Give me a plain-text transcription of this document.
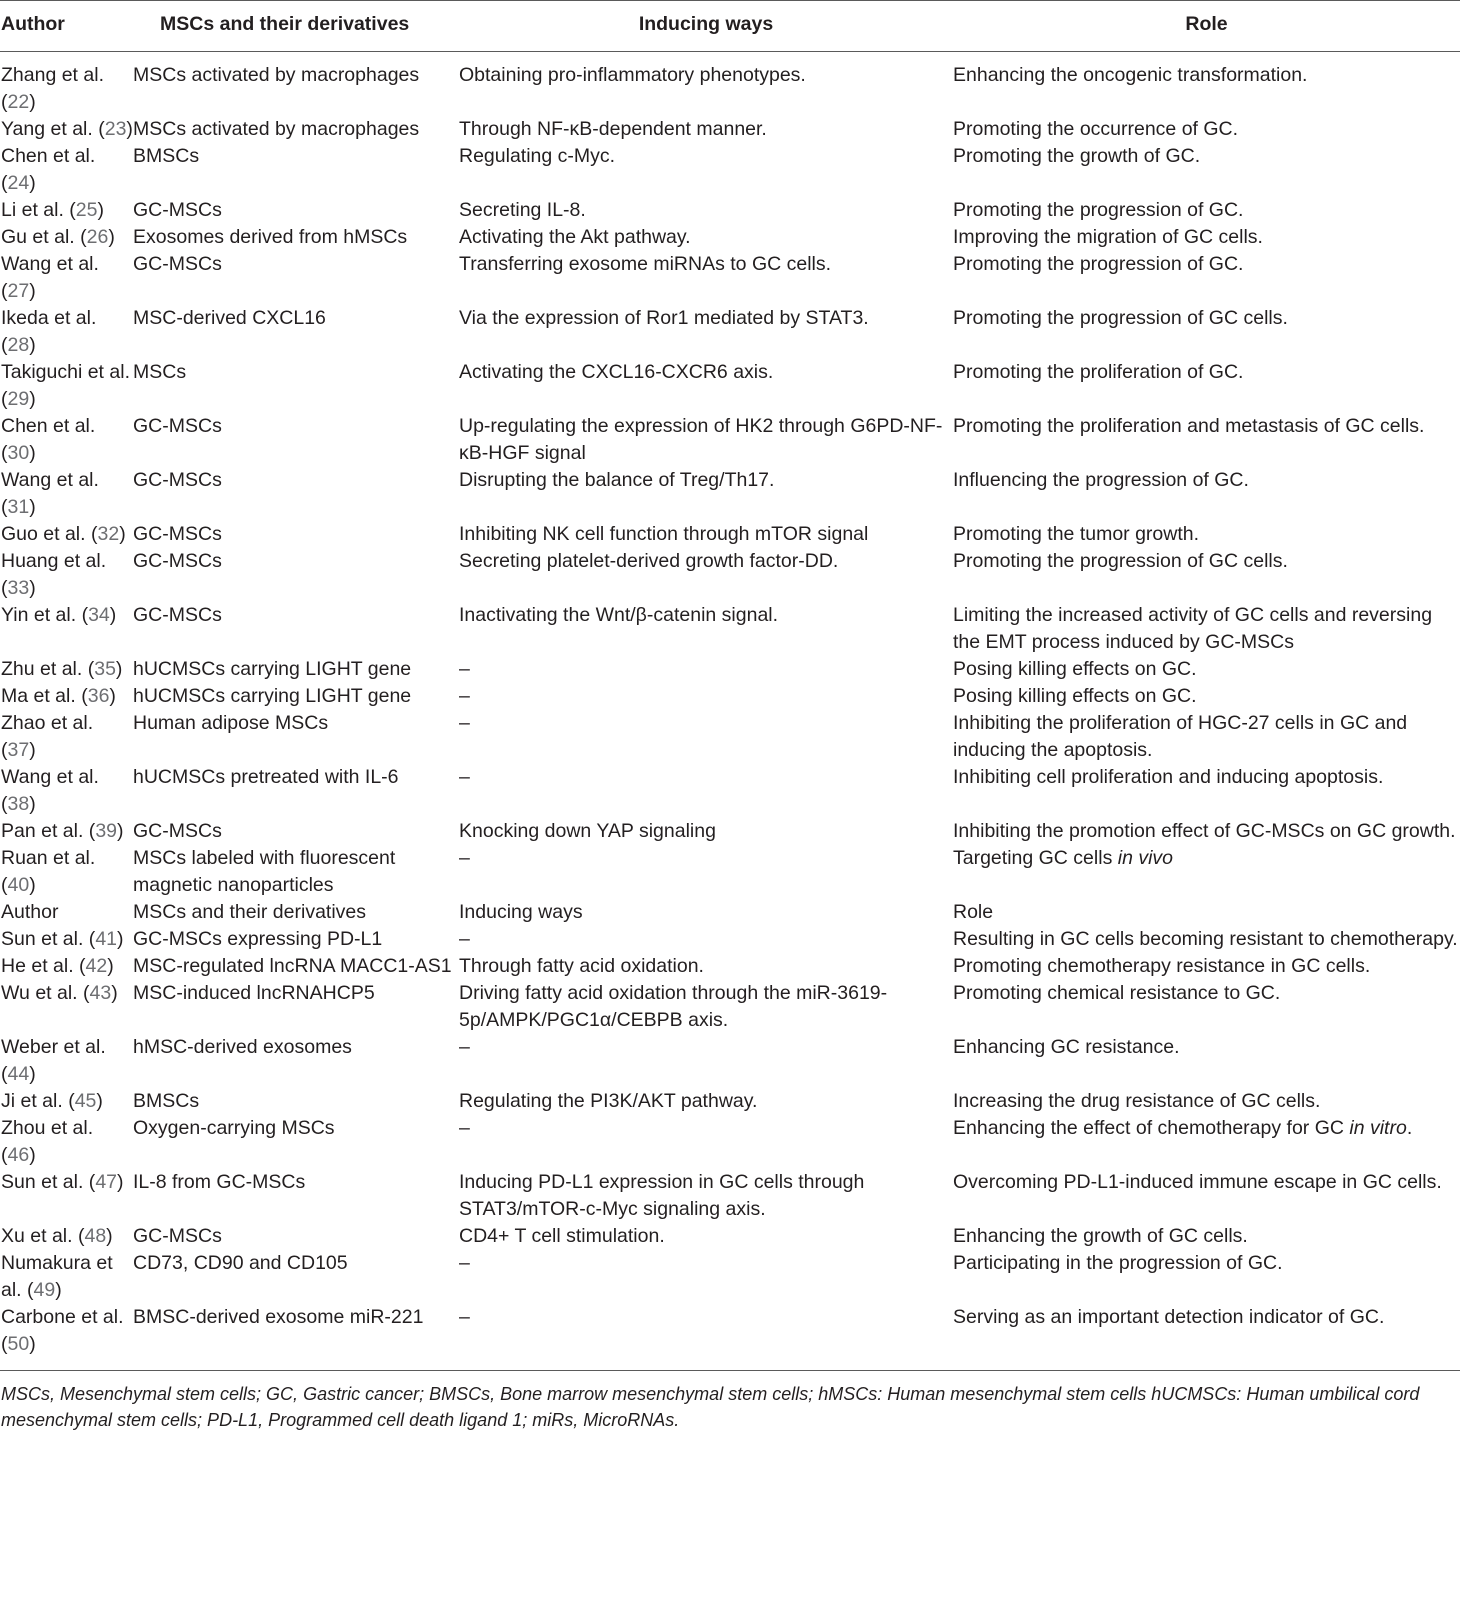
Author	MSCs and their derivatives	Inducing ways	Role
Zhang et al. (22)	MSCs activated by macrophages	Obtaining pro-inflammatory phenotypes.	Enhancing the oncogenic transformation.
Yang et al. (23)	MSCs activated by macrophages	Through NF-κB-dependent manner.	Promoting the occurrence of GC.
Chen et al. (24)	BMSCs	Regulating c-Myc.	Promoting the growth of GC.
Li et al. (25)	GC-MSCs	Secreting IL-8.	Promoting the progression of GC.
Gu et al. (26)	Exosomes derived from hMSCs	Activating the Akt pathway.	Improving the migration of GC cells.
Wang et al. (27)	GC-MSCs	Transferring exosome miRNAs to GC cells.	Promoting the progression of GC.
Ikeda et al. (28)	MSC-derived CXCL16	Via the expression of Ror1 mediated by STAT3.	Promoting the progression of GC cells.
Takiguchi et al. (29)	MSCs	Activating the CXCL16-CXCR6 axis.	Promoting the proliferation of GC.
Chen et al. (30)	GC-MSCs	Up-regulating the expression of HK2 through G6PD-NF-κB-HGF signal	Promoting the proliferation and metastasis of GC cells.
Wang et al. (31)	GC-MSCs	Disrupting the balance of Treg/Th17.	Influencing the progression of GC.
Guo et al. (32)	GC-MSCs	Inhibiting NK cell function through mTOR signal	Promoting the tumor growth.
Huang et al. (33)	GC-MSCs	Secreting platelet-derived growth factor-DD.	Promoting the progression of GC cells.
Yin et al. (34)	GC-MSCs	Inactivating the Wnt/β-catenin signal.	Limiting the increased activity of GC cells and reversing the EMT process induced by GC-MSCs
Zhu et al. (35)	hUCMSCs carrying LIGHT gene	–	Posing killing effects on GC.
Ma et al. (36)	hUCMSCs carrying LIGHT gene	–	Posing killing effects on GC.
Zhao et al. (37)	Human adipose MSCs	–	Inhibiting the proliferation of HGC-27 cells in GC and inducing the apoptosis.
Wang et al. (38)	hUCMSCs pretreated with IL-6	–	Inhibiting cell proliferation and inducing apoptosis.
Pan et al. (39)	GC-MSCs	Knocking down YAP signaling	Inhibiting the promotion effect of GC-MSCs on GC growth.
Ruan et al. (40)	MSCs labeled with fluorescent magnetic nanoparticles	–	Targeting GC cells in vivo
Author	MSCs and their derivatives	Inducing ways	Role
Sun et al. (41)	GC-MSCs expressing PD-L1	–	Resulting in GC cells becoming resistant to chemotherapy.
He et al. (42)	MSC-regulated lncRNA MACC1-AS1	Through fatty acid oxidation.	Promoting chemotherapy resistance in GC cells.
Wu et al. (43)	MSC-induced lncRNAHCP5	Driving fatty acid oxidation through the miR-3619-5p/AMPK/PGC1α/CEBPB axis.	Promoting chemical resistance to GC.
Weber et al. (44)	hMSC-derived exosomes	–	Enhancing GC resistance.
Ji et al. (45)	BMSCs	Regulating the PI3K/AKT pathway.	Increasing the drug resistance of GC cells.
Zhou et al. (46)	Oxygen-carrying MSCs	–	Enhancing the effect of chemotherapy for GC in vitro.
Sun et al. (47)	IL-8 from GC-MSCs	Inducing PD-L1 expression in GC cells through STAT3/mTOR-c-Myc signaling axis.	Overcoming PD-L1-induced immune escape in GC cells.
Xu et al. (48)	GC-MSCs	CD4+ T cell stimulation.	Enhancing the growth of GC cells.
Numakura et al. (49)	CD73, CD90 and CD105	–	Participating in the progression of GC.
Carbone et al. (50)	BMSC-derived exosome miR-221	–	Serving as an important detection indicator of GC.
MSCs, Mesenchymal stem cells; GC, Gastric cancer; BMSCs, Bone marrow mesenchymal stem cells; hMSCs: Human mesenchymal stem cells hUCMSCs: Human umbilical cord mesenchymal stem cells; PD-L1, Programmed cell death ligand 1; miRs, MicroRNAs.
